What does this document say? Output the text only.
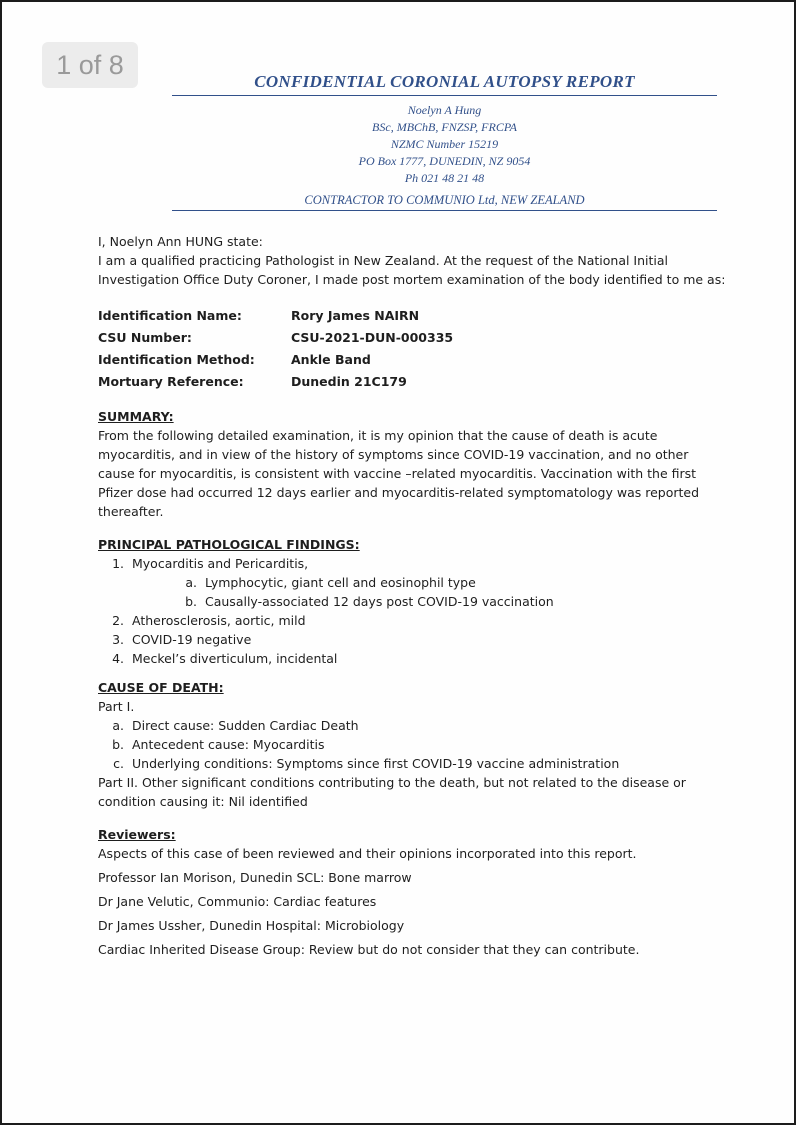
1 of 8
CONFIDENTIAL CORONIAL AUTOPSY REPORT
Noelyn A Hung
BSc, MBChB, FNZSP, FRCPA
NZMC Number 15219
PO Box 1777, DUNEDIN, NZ 9054
Ph 021 48 21 48
CONTRACTOR TO COMMUNIO Ltd, NEW ZEALAND

I, Noelyn Ann HUNG state:

I am a qualified practicing Pathologist in New Zealand. At the request of the National Initial Investigation Office Duty Coroner, I made post mortem examination of the body identified to me as:

Identification Name:	Rory James NAIRN
CSU Number:	CSU-2021-DUN-000335
Identification Method:	Ankle Band
Mortuary Reference:	Dunedin 21C179
SUMMARY:

From the following detailed examination, it is my opinion that the cause of death is acute myocarditis, and in view of the history of symptoms since COVID-19 vaccination, and no other cause for myocarditis, is consistent with vaccine –related myocarditis. Vaccination with the first Pfizer dose had occurred 12 days earlier and myocarditis-related symptomatology was reported thereafter.

PRINCIPAL PATHOLOGICAL FINDINGS:
1. Myocarditis and Pericarditis,
a. Lymphocytic, giant cell and eosinophil type
b. Causally-associated 12 days post COVID-19 vaccination
2. Atherosclerosis, aortic, mild
3. COVID-19 negative
4. Meckel’s diverticulum, incidental
CAUSE OF DEATH:
Part I.
a. Direct cause: Sudden Cardiac Death
b. Antecedent cause: Myocarditis
c. Underlying conditions: Symptoms since first COVID-19 vaccine administration

Part II. Other significant conditions contributing to the death, but not related to the disease or condition causing it: Nil identified

Reviewers:
Aspects of this case of been reviewed and their opinions incorporated into this report.
Professor Ian Morison, Dunedin SCL: Bone marrow
Dr Jane Velutic, Communio: Cardiac features
Dr James Ussher, Dunedin Hospital: Microbiology
Cardiac Inherited Disease Group: Review but do not consider that they can contribute.
